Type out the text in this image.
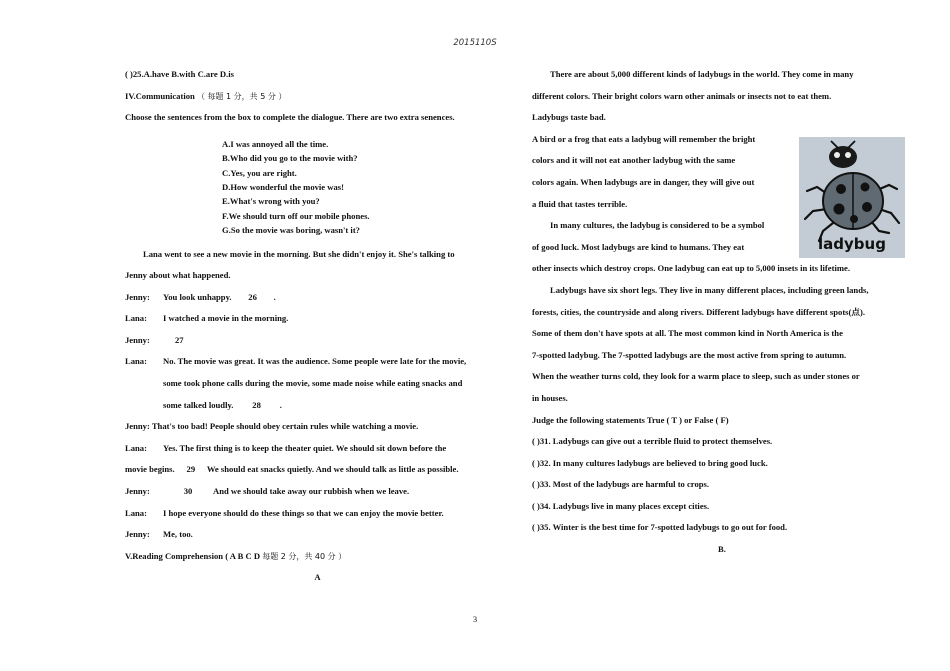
2015110S
( )25.A.have B.with C.are D.is
IV.Communication （ 每题 1 分，共 5 分 ）
Choose the sentences from the box to complete the dialogue. There are two extra senences.
A.I was annoyed all the time.
B.Who did you go to the movie with?
C.Yes, you are right.
D.How wonderful the movie was!
E.What's wrong with you?
F.We should turn off our mobile phones.
G.So the movie was boring, wasn't it?
Lana went to see a new movie in the morning. But she didn't enjoy it. She's talking to
Jenny about what happened.
Jenny:	You look unhappy.	26	.
Lana:	I watched a movie in the morning.
Jenny:	27
Lana:	No. The movie was great. It was the audience. Some people were late for the movie,
some took phone calls during the movie, some made noise while eating snacks and
some talked loudly. 28 .
Jenny: That's too bad! People should obey certain rules while watching a movie.
Lana:	Yes. The first thing is to keep the theater quiet. We should sit down before the
movie begins. 29 We should eat snacks quietly. And we should talk as little as possible.
Jenny:	30	And we should take away our rubbish when we leave.
Lana:	I hope everyone should do these things so that we can enjoy the movie better.
Jenny:	Me, too.
V.Reading Comprehension ( A B C D 每题 2 分，共 40 分 ）
A
There are about 5,000 different kinds of ladybugs in the world. They come in many
different colors. Their bright colors warn other animals or insects not to eat them.
Ladybugs taste bad.
A bird or a frog that eats a ladybug will remember the bright
colors and it will not eat another ladybug with the same
colors again. When ladybugs are in danger, they will give out
a fluid that tastes terrible.
In many cultures, the ladybug is considered to be a symbol
of good luck. Most ladybugs are kind to humans. They eat
other insects which destroy crops. One ladybug can eat up to 5,000 insets in its lifetime.
Ladybugs have six short legs. They live in many different places, including green lands,
forests, cities, the countryside and along rivers. Different ladybugs have different spots(点).
Some of them don't have spots at all. The most common kind in North America is the
7-spotted ladybug. The 7-spotted ladybugs are the most active from spring to autumn.
When the weather turns cold, they look for a warm place to sleep, such as under stones or
in houses.
Judge the following statements True ( T ) or False ( F)
( )31. Ladybugs can give out a terrible fluid to protect themselves.
( )32. In many cultures ladybugs are believed to bring good luck.
( )33. Most of the ladybugs are harmful to crops.
( )34. Ladybugs live in many places except cities.
( )35. Winter is the best time for 7-spotted ladybugs to go out for food.
B.
ladybug
3
